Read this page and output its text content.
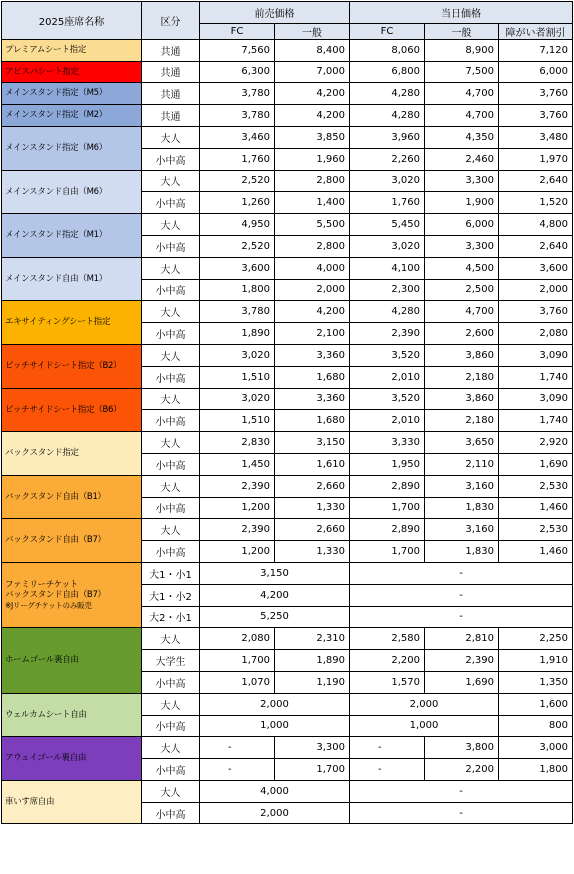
2025座席名称	区分	前売価格		当日価格		
		FC	一般	FC	一般	障がい者割引
プレミアムシート指定	共通	7,560	8,400	8,060	8,900	7,120
アビスパシート指定	共通	6,300	7,000	6,800	7,500	6,000
メインスタンド指定（M5）	共通	3,780	4,200	4,280	4,700	3,760
メインスタンド指定（M2）	共通	3,780	4,200	4,280	4,700	3,760
メインスタンド指定（M6）	大人	3,460	3,850	3,960	4,350	3,480
	小中高	1,760	1,960	2,260	2,460	1,970
メインスタンド自由（M6）	大人	2,520	2,800	3,020	3,300	2,640
	小中高	1,260	1,400	1,760	1,900	1,520
メインスタンド指定（M1）	大人	4,950	5,500	5,450	6,000	4,800
	小中高	2,520	2,800	3,020	3,300	2,640
メインスタンド自由（M1）	大人	3,600	4,000	4,100	4,500	3,600
	小中高	1,800	2,000	2,300	2,500	2,000
エキサイティングシート指定	大人	3,780	4,200	4,280	4,700	3,760
	小中高	1,890	2,100	2,390	2,600	2,080
ピッチサイドシート指定（B2）	大人	3,020	3,360	3,520	3,860	3,090
	小中高	1,510	1,680	2,010	2,180	1,740
ピッチサイドシート指定（B6）	大人	3,020	3,360	3,520	3,860	3,090
	小中高	1,510	1,680	2,010	2,180	1,740
バックスタンド指定	大人	2,830	3,150	3,330	3,650	2,920
	小中高	1,450	1,610	1,950	2,110	1,690
バックスタンド自由（B1）	大人	2,390	2,660	2,890	3,160	2,530
	小中高	1,200	1,330	1,700	1,830	1,460
バックスタンド自由（B7）	大人	2,390	2,660	2,890	3,160	2,530
	小中高	1,200	1,330	1,700	1,830	1,460

ファミリーチケット
バックスタンド自由（B7）
※Jリーグチケットのみ販売	大1・小1	3,150		-		
	大1・小2	4,200		-		
	大2・小1	5,250		-		
ホームゴール裏自由	大人	2,080	2,310	2,580	2,810	2,250
	大学生	1,700	1,890	2,200	2,390	1,910
	小中高	1,070	1,190	1,570	1,690	1,350
ウェルカムシート自由	大人	2,000		2,000		1,600
	小中高	1,000		1,000		800
アウェイゴール裏自由	大人	-	3,300	-	3,800	3,000
	小中高	-	1,700	-	2,200	1,800
車いす席自由	大人	4,000		-		
	小中高	2,000		-		
